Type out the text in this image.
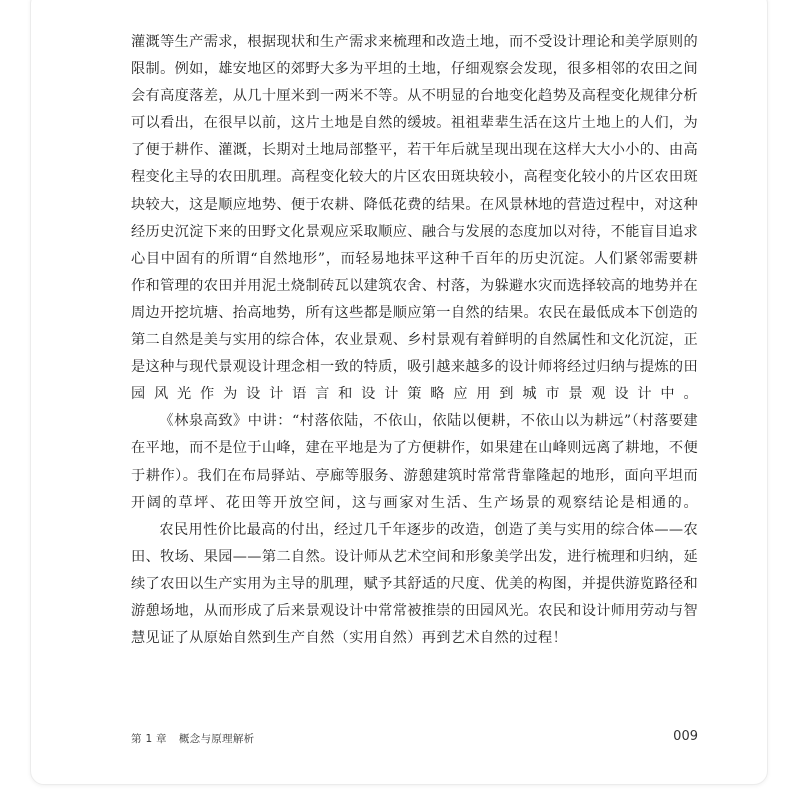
灌溉等生产需求，根据现状和生产需求来梳理和改造土地，而不受设计理论和美学原则的限制。例如，雄安地区的郊野大多为平坦的土地，仔细观察会发现，很多相邻的农田之间会有高度落差，从几十厘米到一两米不等。从不明显的台地变化趋势及高程变化规律分析可以看出，在很早以前，这片土地是自然的缓坡。祖祖辈辈生活在这片土地上的人们，为了便于耕作、灌溉，长期对土地局部整平，若干年后就呈现出现在这样大大小小的、由高程变化主导的农田肌理。高程变化较大的片区农田斑块较小，高程变化较小的片区农田斑块较大，这是顺应地势、便于农耕、降低花费的结果。在风景林地的营造过程中，对这种经历史沉淀下来的田野文化景观应采取顺应、融合与发展的态度加以对待，不能盲目追求心目中固有的所谓“自然地形”，而轻易地抹平这种千百年的历史沉淀。人们紧邻需要耕作和管理的农田并用泥土烧制砖瓦以建筑农舍、村落，为躲避水灾而选择较高的地势并在周边开挖坑塘、抬高地势，所有这些都是顺应第一自然的结果。农民在最低成本下创造的第二自然是美与实用的综合体，农业景观、乡村景观有着鲜明的自然属性和文化沉淀，正是这种与现代景观设计理念相一致的特质，吸引越来越多的设计师将经过归纳与提炼的田园风光作为设计语言和设计策略应用到城市景观设计中。

《林泉高致》中讲：“村落依陆，不依山，依陆以便耕，不依山以为耕远”（村落要建在平地，而不是位于山峰，建在平地是为了方便耕作，如果建在山峰则远离了耕地，不便于耕作）。我们在布局驿站、亭廊等服务、游憩建筑时常常背靠隆起的地形，面向平坦而开阔的草坪、花田等开放空间，这与画家对生活、生产场景的观察结论是相通的。

农民用性价比最高的付出，经过几千年逐步的改造，创造了美与实用的综合体——农田、牧场、果园——第二自然。设计师从艺术空间和形象美学出发，进行梳理和归纳，延续了农田以生产实用为主导的肌理，赋予其舒适的尺度、优美的构图，并提供游览路径和游憩场地，从而形成了后来景观设计中常常被推崇的田园风光。农民和设计师用劳动与智慧见证了从原始自然到生产自然（实用自然）再到艺术自然的过程！

第 1 章 概念与原理解析	009
